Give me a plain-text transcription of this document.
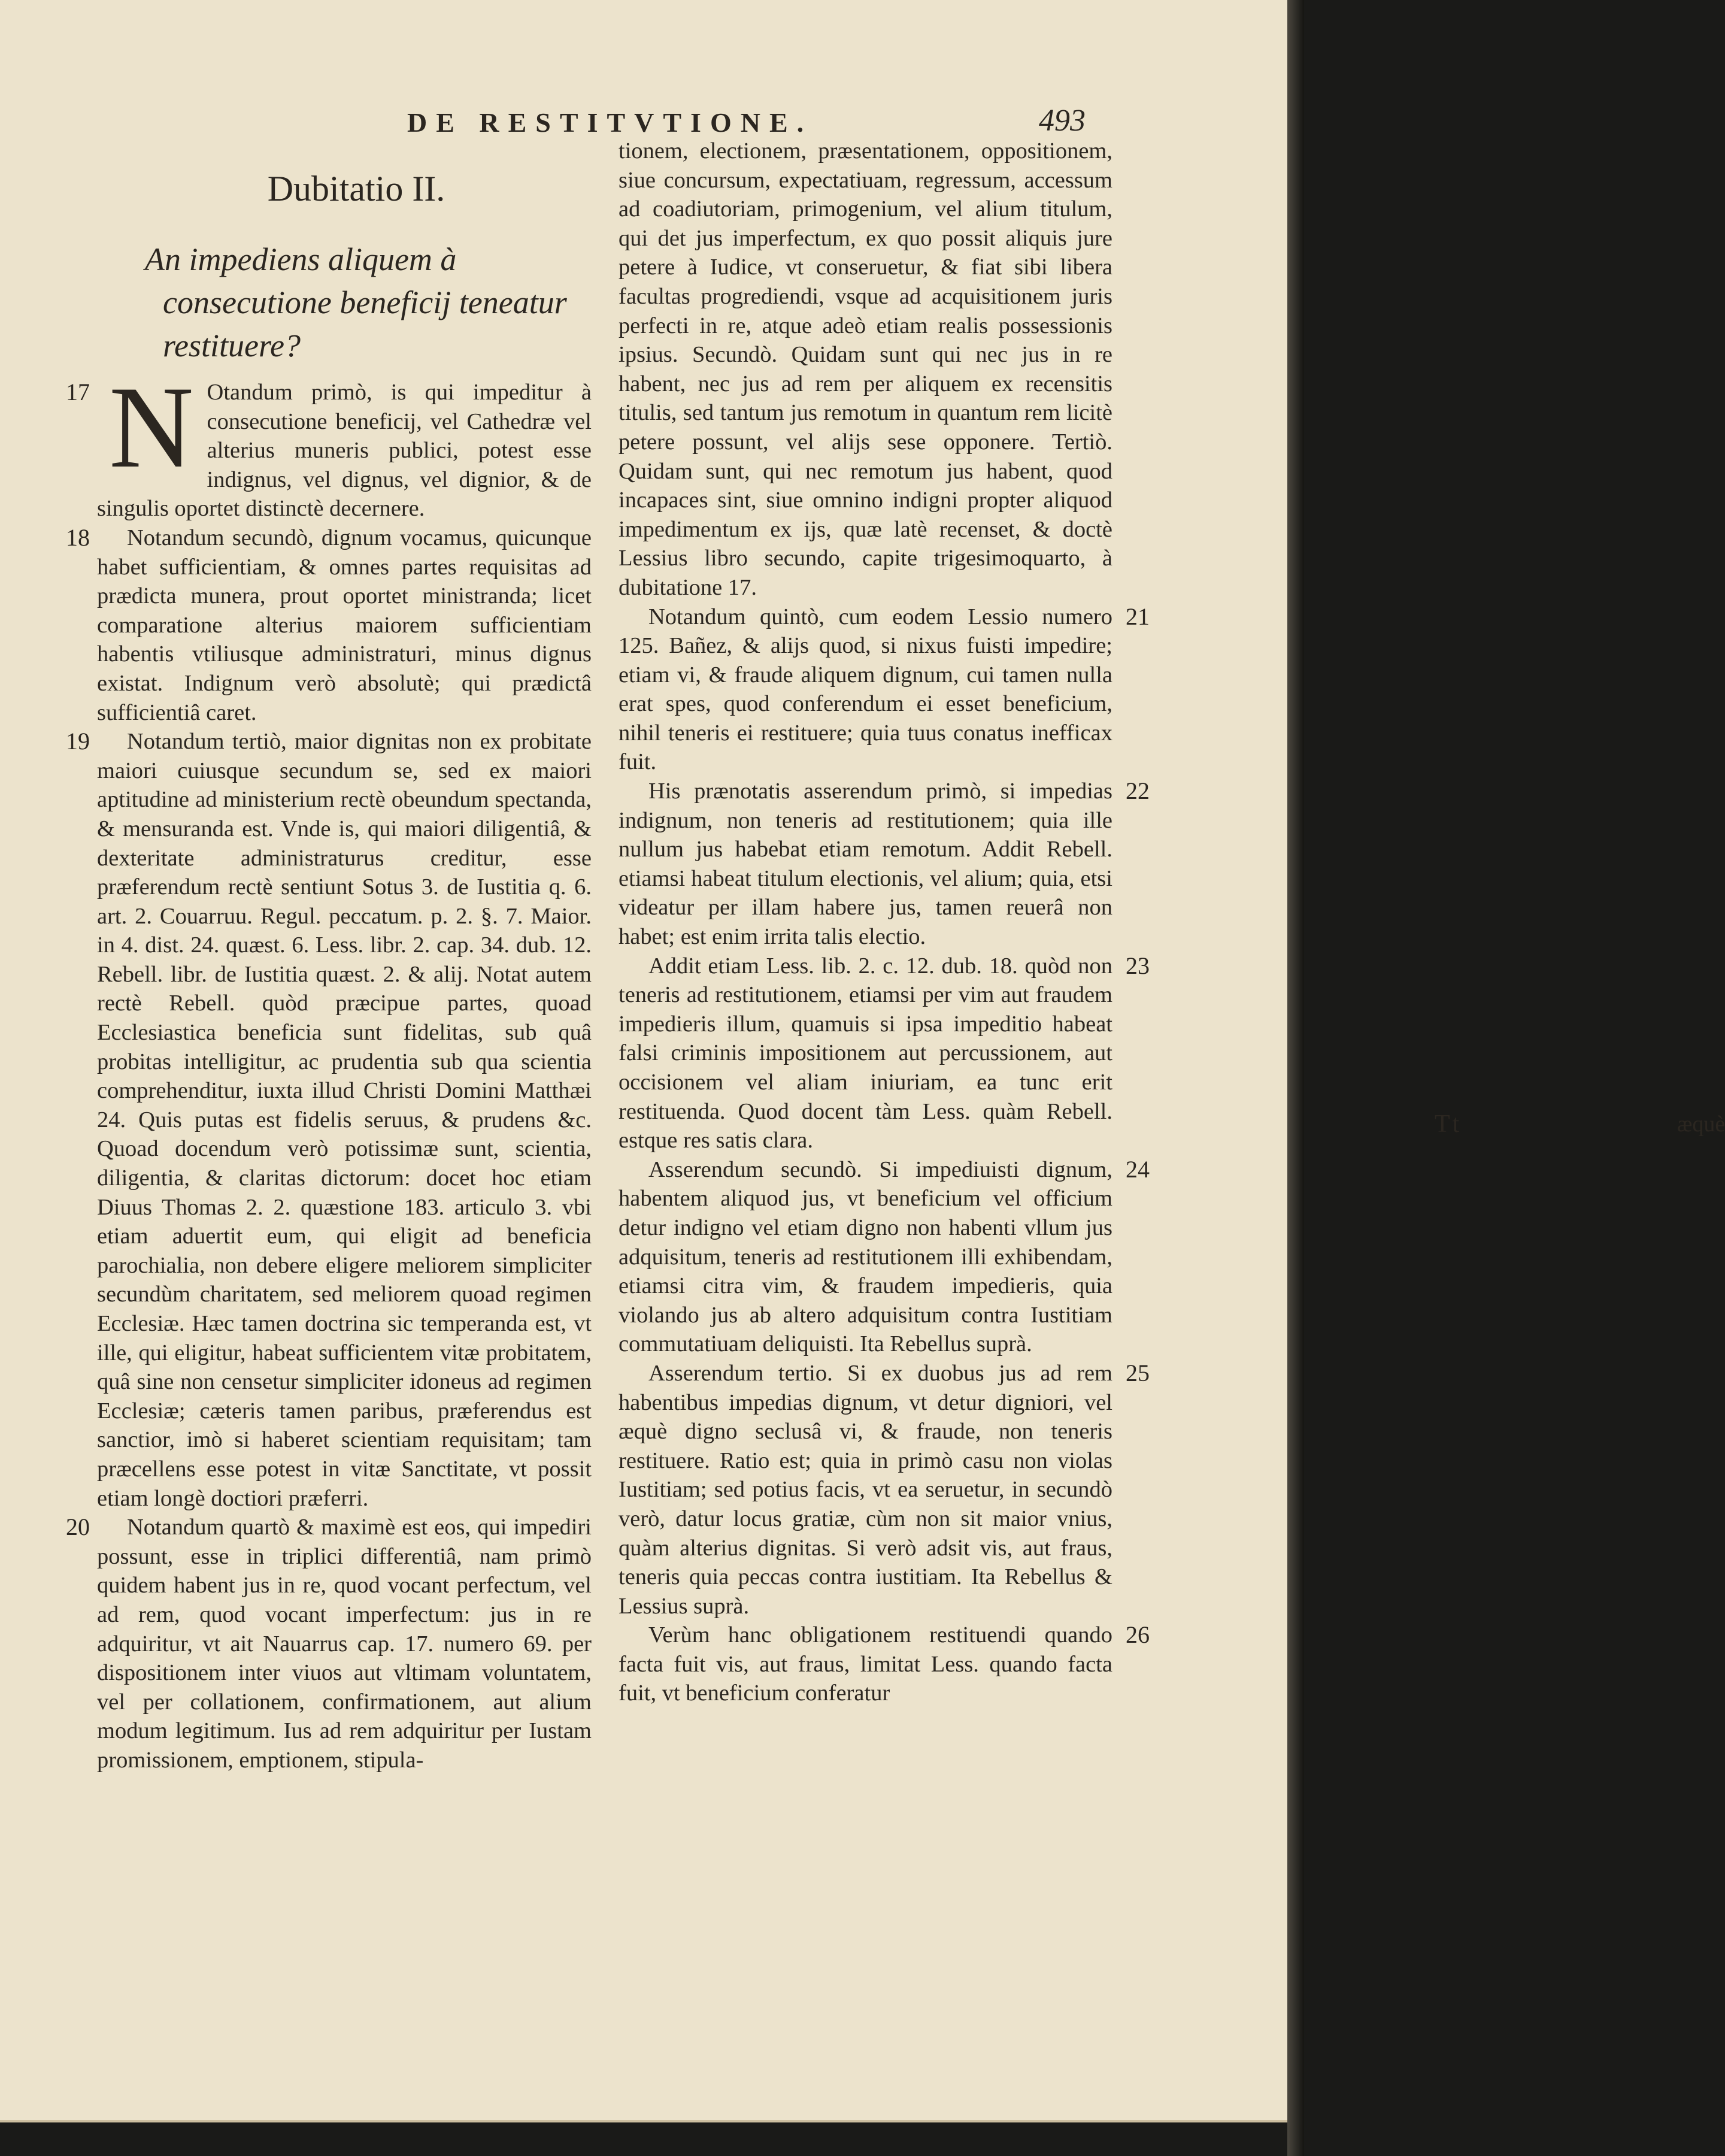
DE RESTITVTIONE.	493
Dubitatio II.
An impediens aliquem à consecutione beneficij teneatur restituere?

17 N Otandum primò, is qui impeditur à consecutione beneficij, vel Cathedræ vel alterius muneris publici, potest esse indignus, vel dignus, vel dignior, & de singulis oportet distinctè decernere.

18 Notandum secundò, dignum vocamus, quicunque habet sufficientiam, & omnes partes requisitas ad prædicta munera, prout oportet ministranda; licet comparatione alterius maiorem sufficientiam habentis vtiliusque administraturi, minus dignus existat. Indignum verò absolutè; qui prædictâ sufficientiâ caret.

19 Notandum tertiò, maior dignitas non ex probitate maiori cuiusque secundum se, sed ex maiori aptitudine ad ministerium rectè obeundum spectanda, & mensuranda est. Vnde is, qui maiori diligentiâ, & dexteritate administraturus creditur, esse præferendum rectè sentiunt Sotus 3. de Iustitia q. 6. art. 2. Couarruu. Regul. peccatum. p. 2. §. 7. Maior. in 4. dist. 24. quæst. 6. Less. libr. 2. cap. 34. dub. 12. Rebell. libr. de Iustitia quæst. 2. & alij. Notat autem rectè Rebell. quòd præcipue partes, quoad Ecclesiastica beneficia sunt fidelitas, sub quâ probitas intelligitur, ac prudentia sub qua scientia comprehenditur, iuxta illud Christi Domini Matthæi 24. Quis putas est fidelis seruus, & prudens &c. Quoad docendum verò potissimæ sunt, scientia, diligentia, & claritas dictorum: docet hoc etiam Diuus Thomas 2. 2. quæstione 183. articulo 3. vbi etiam aduertit eum, qui eligit ad beneficia parochialia, non debere eligere meliorem simpliciter secundùm charitatem, sed meliorem quoad regimen Ecclesiæ. Hæc tamen doctrina sic temperanda est, vt ille, qui eligitur, habeat sufficientem vitæ probitatem, quâ sine non censetur simpliciter idoneus ad regimen Ecclesiæ; cæteris tamen paribus, præferendus est sanctior, imò si haberet scientiam requisitam; tam præcellens esse potest in vitæ Sanctitate, vt possit etiam longè doctiori præferri.

20 Notandum quartò & maximè est eos, qui impediri possunt, esse in triplici differentiâ, nam primò quidem habent jus in re, quod vocant perfectum, vel ad rem, quod vocant imperfectum: jus in re adquiritur, vt ait Nauarrus cap. 17. numero 69. per dispositionem inter viuos aut vltimam voluntatem, vel per collationem, confirmationem, aut alium modum legitimum. Ius ad rem adquiritur per Iustam promissionem, emptionem, stipula-

tionem, electionem, præsentationem, oppositionem, siue concursum, expectatiuam, regressum, accessum ad coadiutoriam, primogenium, vel alium titulum, qui det jus imperfectum, ex quo possit aliquis jure petere à Iudice, vt conseruetur, & fiat sibi libera facultas progrediendi, vsque ad acquisitionem juris perfecti in re, atque adeò etiam realis possessionis ipsius. Secundò. Quidam sunt qui nec jus in re habent, nec jus ad rem per aliquem ex recensitis titulis, sed tantum jus remotum in quantum rem licitè petere possunt, vel alijs sese opponere. Tertiò. Quidam sunt, qui nec remotum jus habent, quod incapaces sint, siue omnino indigni propter aliquod impedimentum ex ijs, quæ latè recenset, & doctè Lessius libro secundo, capite trigesimoquarto, à dubitatione 17.

21
Notandum quintò, cum eodem Lessio numero 125. Bañez, & alijs quod, si nixus fuisti impedire; etiam vi, & fraude aliquem dignum, cui tamen nulla erat spes, quod conferendum ei esset beneficium, nihil teneris ei restituere; quia tuus conatus inefficax fuit.

22
His prænotatis asserendum primò, si impedias indignum, non teneris ad restitutionem; quia ille nullum jus habebat etiam remotum. Addit Rebell. etiamsi habeat titulum electionis, vel alium; quia, etsi videatur per illam habere jus, tamen reuerâ non habet; est enim irrita talis electio.

23
Addit etiam Less. lib. 2. c. 12. dub. 18. quòd non teneris ad restitutionem, etiamsi per vim aut fraudem impedieris illum, quamuis si ipsa impeditio habeat falsi criminis impositionem aut percussionem, aut occisionem vel aliam iniuriam, ea tunc erit restituenda. Quod docent tàm Less. quàm Rebell. estque res satis clara.

24
Asserendum secundò. Si impediuisti dignum, habentem aliquod jus, vt beneficium vel officium detur indigno vel etiam digno non habenti vllum jus adquisitum, teneris ad restitutionem illi exhibendam, etiamsi citra vim, & fraudem impedieris, quia violando jus ab altero adquisitum contra Iustitiam commutatiuam deliquisti. Ita Rebellus suprà.

25
Asserendum tertio. Si ex duobus jus ad rem habentibus impedias dignum, vt detur digniori, vel æquè digno seclusâ vi, & fraude, non teneris restituere. Ratio est; quia in primò casu non violas Iustitiam; sed potius facis, vt ea seruetur, in secundò verò, datur locus gratiæ, cùm non sit maior vnius, quàm alterius dignitas. Si verò adsit vis, aut fraus, teneris quia peccas contra iustitiam. Ita Rebellus & Lessius suprà.

26
Verùm hanc obligationem restituendi quando facta fuit vis, aut fraus, limitat Less. quando facta fuit, vt beneficium conferatur

Tt	æquè
